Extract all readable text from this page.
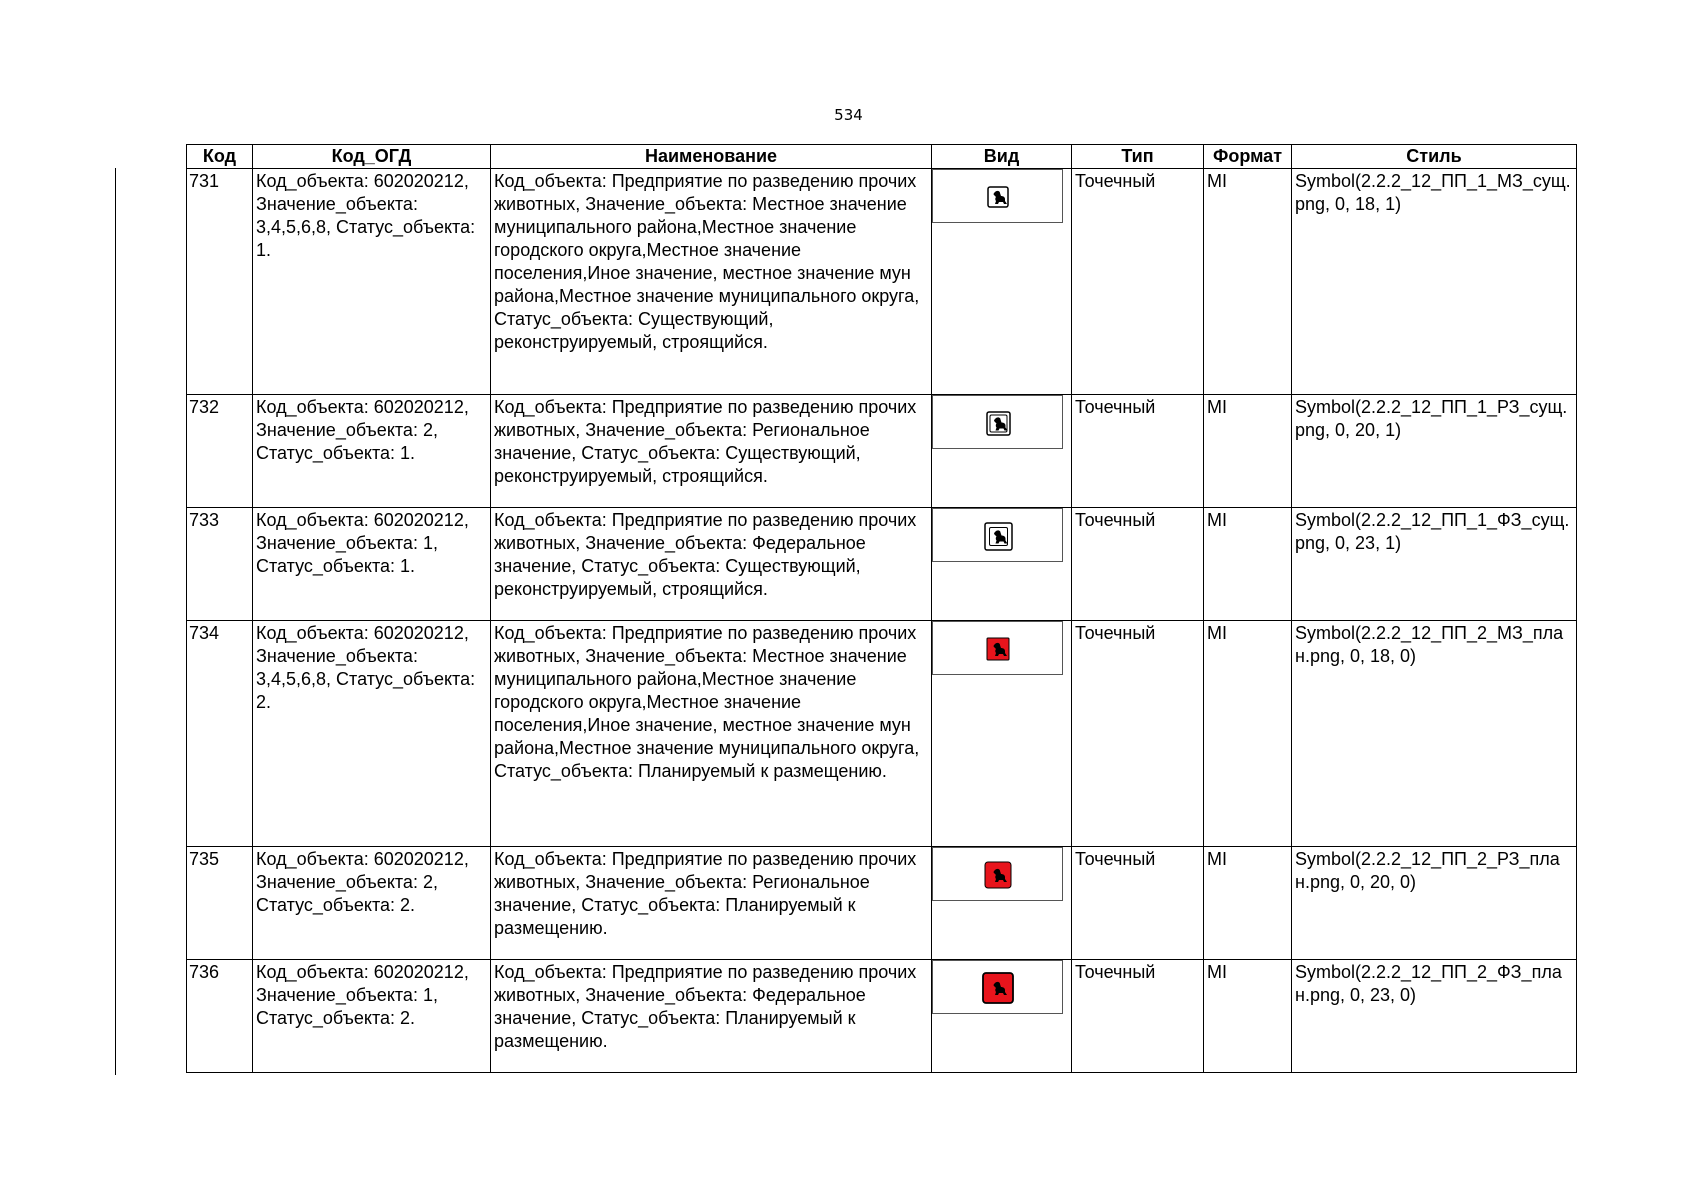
534
Код	Код_ОГД	Наименование	Вид	Тип	Формат	Стиль

731	Код_объекта: 602020212, Значение_объекта: 3,4,5,6,8, Статус_объекта: 1.	Код_объекта: Предприятие по разведению прочих животных, Значение_объекта: Местное значение муниципального района,Местное значение городского округа,Местное значение поселения,Иное значение, местное значение мун района,Местное значение муниципального округа, Статус_объекта: Существующий, реконструируемый, строящийся.		Точечный	MI	Symbol(2.2.2_12_ПП_1_МЗ_сущ.png, 0, 18, 1)

732	Код_объекта: 602020212, Значение_объекта: 2, Статус_объекта: 1.	Код_объекта: Предприятие по разведению прочих животных, Значение_объекта: Региональное значение, Статус_объекта: Существующий, реконструируемый, строящийся.		Точечный	MI	Symbol(2.2.2_12_ПП_1_РЗ_сущ.png, 0, 20, 1)

733	Код_объекта: 602020212, Значение_объекта: 1, Статус_объекта: 1.	Код_объекта: Предприятие по разведению прочих животных, Значение_объекта: Федеральное значение, Статус_объекта: Существующий, реконструируемый, строящийся.		Точечный	MI	Symbol(2.2.2_12_ПП_1_ФЗ_сущ.png, 0, 23, 1)

734	Код_объекта: 602020212, Значение_объекта: 3,4,5,6,8, Статус_объекта: 2.	Код_объекта: Предприятие по разведению прочих животных, Значение_объекта: Местное значение муниципального района,Местное значение городского округа,Местное значение поселения,Иное значение, местное значение мун района,Местное значение муниципального округа, Статус_объекта: Планируемый к размещению.		Точечный	MI	Symbol(2.2.2_12_ПП_2_МЗ_план.png, 0, 18, 0)

735	Код_объекта: 602020212, Значение_объекта: 2, Статус_объекта: 2.	Код_объекта: Предприятие по разведению прочих животных, Значение_объекта: Региональное значение, Статус_объекта: Планируемый к размещению.		Точечный	MI	Symbol(2.2.2_12_ПП_2_РЗ_план.png, 0, 20, 0)

736	Код_объекта: 602020212, Значение_объекта: 1, Статус_объекта: 2.	Код_объекта: Предприятие по разведению прочих животных, Значение_объекта: Федеральное значение, Статус_объекта: Планируемый к размещению.		Точечный	MI	Symbol(2.2.2_12_ПП_2_ФЗ_план.png, 0, 23, 0)
